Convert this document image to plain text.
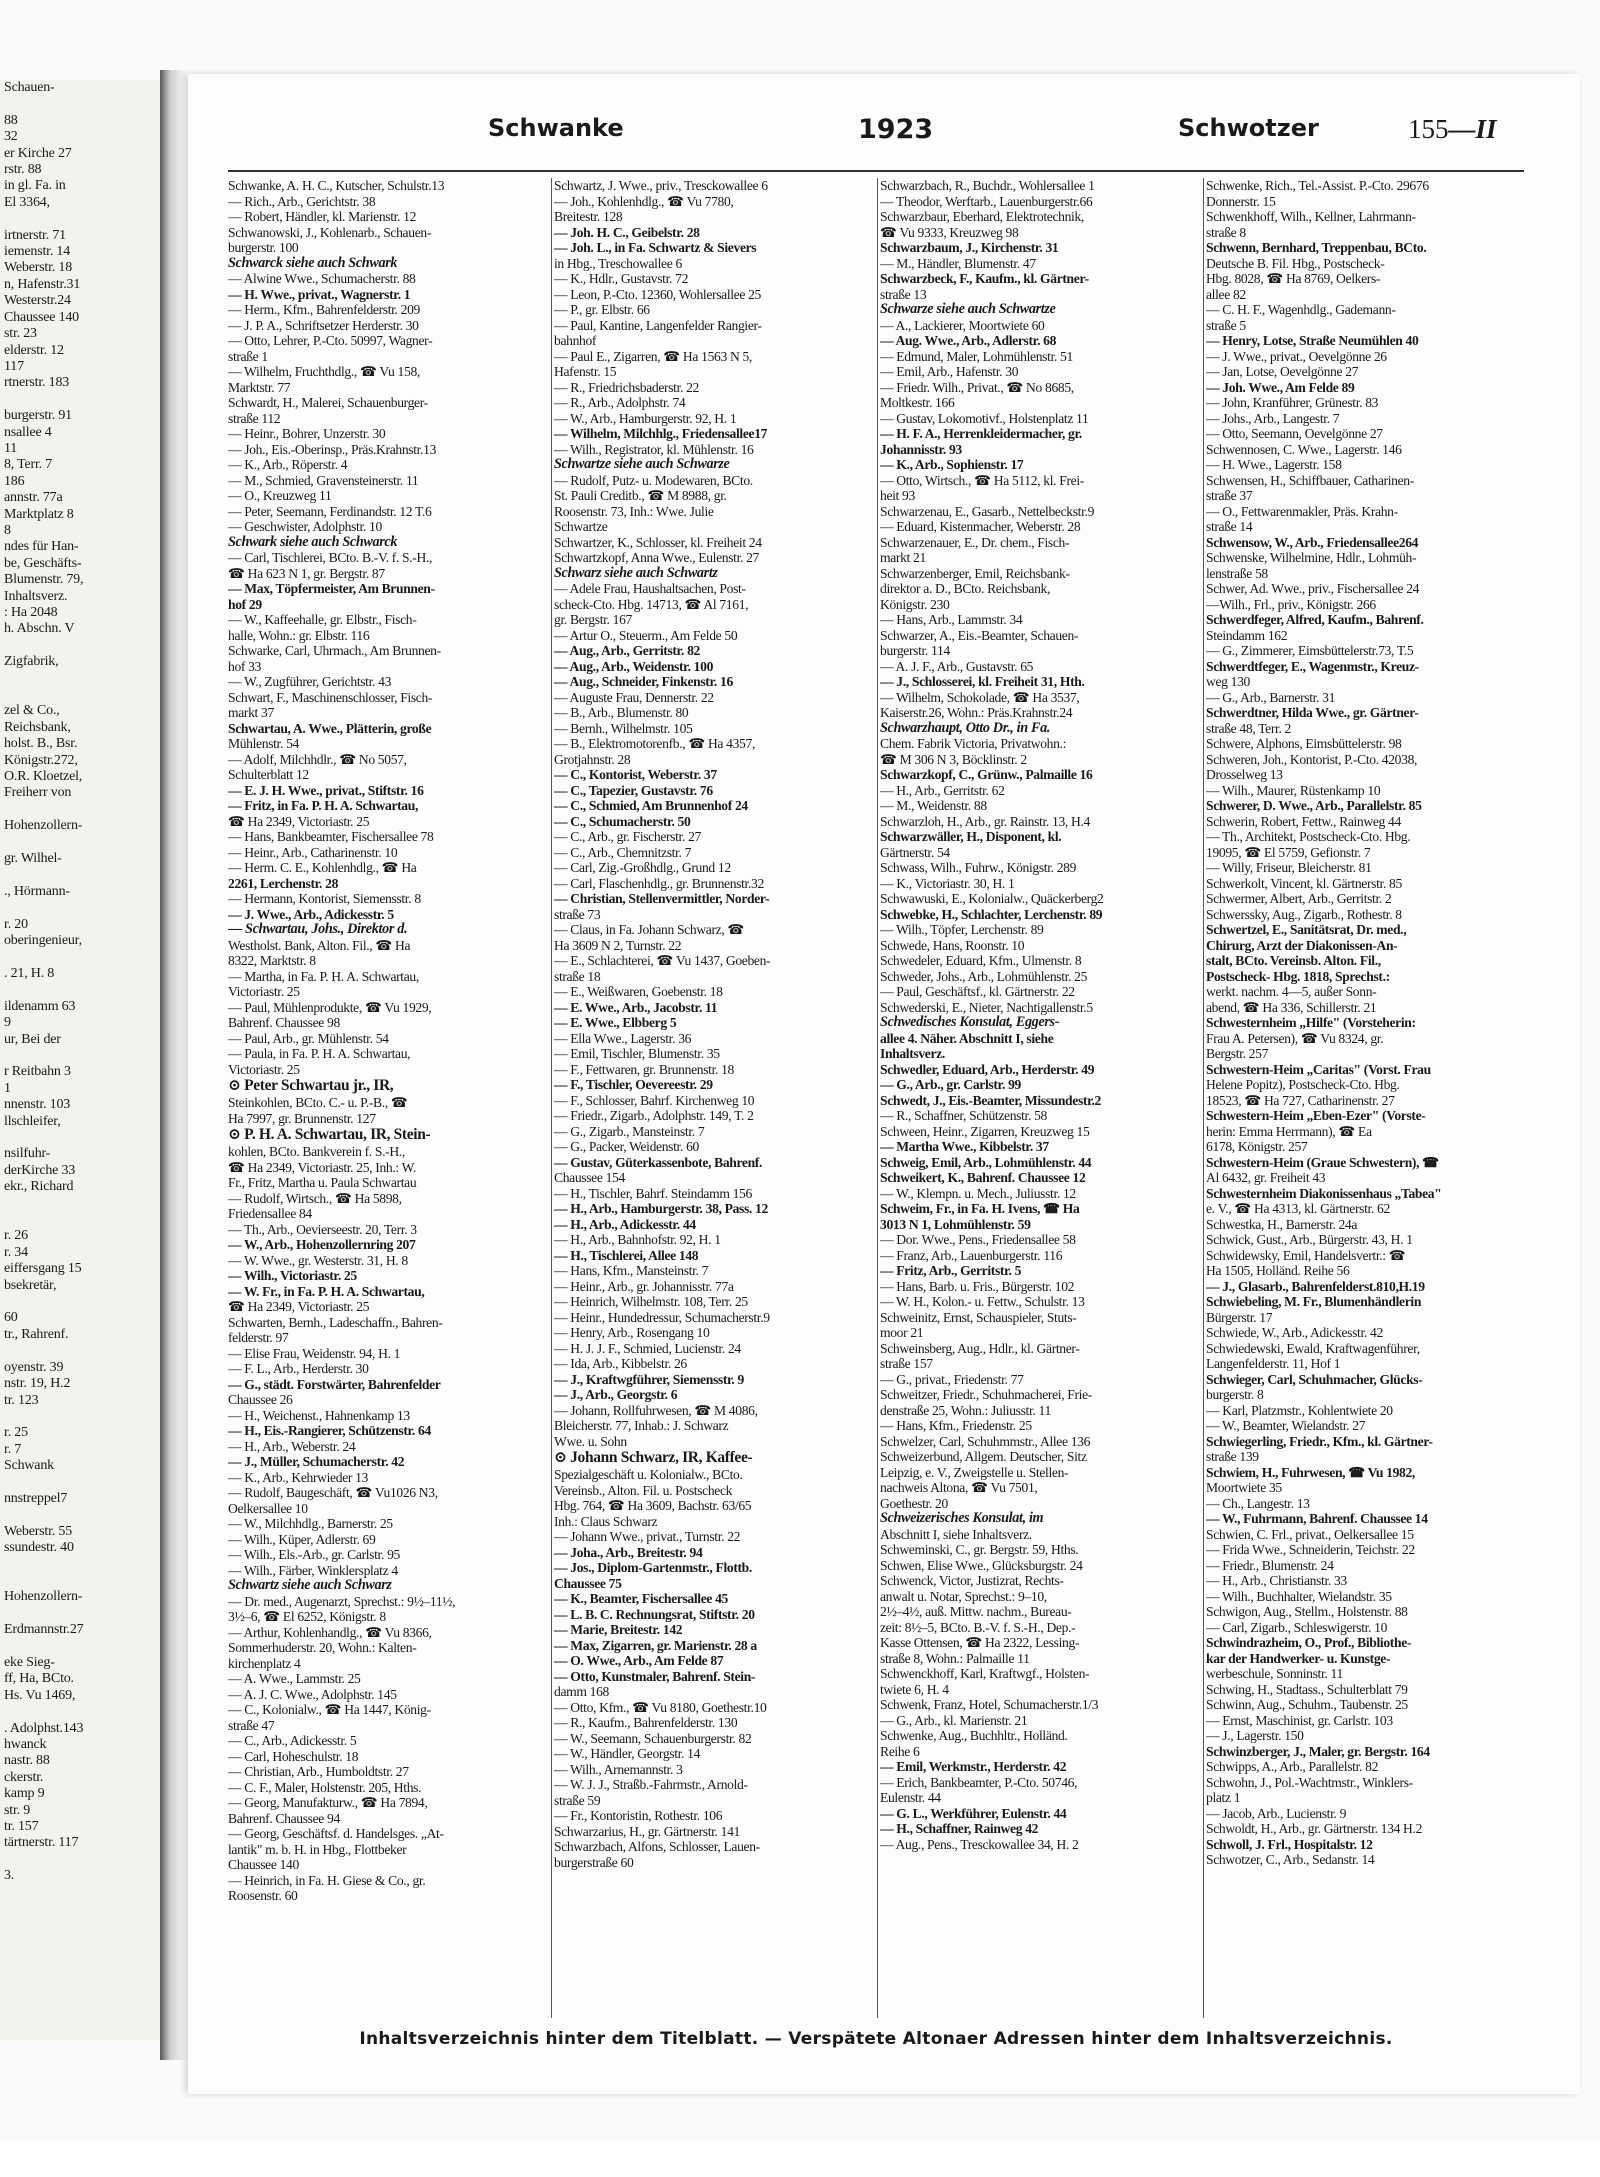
Schauen-

88
32
er Kirche 27
rstr. 88
in gl. Fa. in
El 3364,

irtnerstr. 71
iemenstr. 14
Weberstr. 18
n, Hafenstr.31
Westerstr.24
Chaussee 140
str. 23
elderstr. 12
117
rtnerstr. 183

burgerstr. 91
nsallee 4
11
8, Terr. 7
186
annstr. 77a
Marktplatz 8
8
ndes für Han-
be, Geschäfts-
Blumenstr. 79,
Inhaltsverz.
: Ha 2048
h. Abschn. V

Zigfabrik,

zel & Co.,
Reichsbank,
holst. B., Bsr.
Königstr.272,
O.R. Kloetzel,
Freiherr von

Hohenzollern-

gr. Wilhel-

., Hörmann-

r. 20
oberingenieur,

. 21, H. 8

ildenamm 63
9
ur, Bei der

r Reitbahn 3
1
nnenstr. 103
llschleifer,

nsilfuhr-
derKirche 33
ekr., Richard

r. 26
r. 34
eiffersgang 15
bsekretär,

60
tr., Rahrenf.

oyenstr. 39
nstr. 19, H.2
tr. 123

r. 25
r. 7
Schwank

nnstreppel7

Weberstr. 55
ssundestr. 40

Hohenzollern-

Erdmannstr.27

eke Sieg-
ff, Ha, BCto.
Hs. Vu 1469,

. Adolphst.143
hwanck
nastr. 88
ckerstr.
kamp 9
str. 9
tr. 157
tärtnerstr. 117

3.
Schwanke	1923	Schwotzer	155—II
Schwanke, A. H. C., Kutscher, Schulstr.13
— Rich., Arb., Gerichtstr. 38
— Robert, Händler, kl. Marienstr. 12
Schwanowski, J., Kohlenarb., Schauen-
burgerstr. 100
Schwarck siehe auch Schwark
— Alwine Wwe., Schumacherstr. 88
— H. Wwe., privat., Wagnerstr. 1
— Herm., Kfm., Bahrenfelderstr. 209
— J. P. A., Schriftsetzer Herderstr. 30
— Otto, Lehrer, P.-Cto. 50997, Wagner-
straße 1
— Wilhelm, Fruchthdlg., ☎ Vu 158,
Marktstr. 77
Schwardt, H., Malerei, Schauenburger-
straße 112
— Heinr., Bohrer, Unzerstr. 30
— Joh., Eis.-Oberinsp., Präs.Krahnstr.13
— K., Arb., Röperstr. 4
— M., Schmied, Gravensteinerstr. 11
— O., Kreuzweg 11
— Peter, Seemann, Ferdinandstr. 12 T.6
— Geschwister, Adolphstr. 10
Schwark siehe auch Schwarck
— Carl, Tischlerei, BCto. B.-V. f. S.-H.,
☎ Ha 623 N 1, gr. Bergstr. 87
— Max, Töpfermeister, Am Brunnen-
hof 29
— W., Kaffeehalle, gr. Elbstr., Fisch-
halle, Wohn.: gr. Elbstr. 116
Schwarke, Carl, Uhrmach., Am Brunnen-
hof 33
— W., Zugführer, Gerichtstr. 43
Schwart, F., Maschinenschlosser, Fisch-
markt 37
Schwartau, A. Wwe., Plätterin, große
Mühlenstr. 54
— Adolf, Milchhdlr., ☎ No 5057,
Schulterblatt 12
— E. J. H. Wwe., privat., Stiftstr. 16
— Fritz, in Fa. P. H. A. Schwartau,
☎ Ha 2349, Victoriastr. 25
— Hans, Bankbeamter, Fischersallee 78
— Heinr., Arb., Catharinenstr. 10
— Herm. C. E., Kohlenhdlg., ☎ Ha
2261, Lerchenstr. 28
— Hermann, Kontorist, Siemensstr. 8
— J. Wwe., Arb., Adickesstr. 5
— Schwartau, Johs., Direktor d.
Westholst. Bank, Alton. Fil., ☎ Ha
8322, Marktstr. 8
— Martha, in Fa. P. H. A. Schwartau,
Victoriastr. 25
— Paul, Mühlenprodukte, ☎ Vu 1929,
Bahrenf. Chaussee 98
— Paul, Arb., gr. Mühlenstr. 54
— Paula, in Fa. P. H. A. Schwartau,
Victoriastr. 25
⊙ Peter Schwartau jr., IR,
Steinkohlen, BCto. C.- u. P.-B., ☎
Ha 7997, gr. Brunnenstr. 127
⊙ P. H. A. Schwartau, IR, Stein-
kohlen, BCto. Bankverein f. S.-H.,
☎ Ha 2349, Victoriastr. 25, Inh.: W.
Fr., Fritz, Martha u. Paula Schwartau
— Rudolf, Wirtsch., ☎ Ha 5898,
Friedensallee 84
— Th., Arb., Oevierseestr. 20, Terr. 3
— W., Arb., Hohenzollernring 207
— W. Wwe., gr. Westerstr. 31, H. 8
— Wilh., Victoriastr. 25
— W. Fr., in Fa. P. H. A. Schwartau,
☎ Ha 2349, Victoriastr. 25
Schwarten, Bernh., Ladeschaffn., Bahren-
felderstr. 97
— Elise Frau, Weidenstr. 94, H. 1
— F. L., Arb., Herderstr. 30
— G., städt. Forstwärter, Bahrenfelder
Chaussee 26
— H., Weichenst., Hahnenkamp 13
— H., Eis.-Rangierer, Schützenstr. 64
— H., Arb., Weberstr. 24
— J., Müller, Schumacherstr. 42
— K., Arb., Kehrwieder 13
— Rudolf, Baugeschäft, ☎ Vu1026 N3,
Oelkersallee 10
— W., Milchhdlg., Barnerstr. 25
— Wilh., Küper, Adlerstr. 69
— Wilh., Els.-Arb., gr. Carlstr. 95
— Wilh., Färber, Winklersplatz 4
Schwartz siehe auch Schwarz
— Dr. med., Augenarzt, Sprechst.: 9½–11½,
3½–6, ☎ El 6252, Königstr. 8
— Arthur, Kohlenhandlg., ☎ Vu 8366,
Sommerhuderstr. 20, Wohn.: Kalten-
kirchenplatz 4
— A. Wwe., Lammstr. 25
— A. J. C. Wwe., Adolphstr. 145
— C., Kolonialw., ☎ Ha 1447, König-
straße 47
— C., Arb., Adickesstr. 5
— Carl, Hoheschulstr. 18
— Christian, Arb., Humboldtstr. 27
— C. F., Maler, Holstenstr. 205, Hths.
— Georg, Manufakturw., ☎ Ha 7894,
Bahrenf. Chaussee 94
— Georg, Geschäftsf. d. Handelsges. „At-
lantik" m. b. H. in Hbg., Flottbeker
Chaussee 140
— Heinrich, in Fa. H. Giese & Co., gr.
Roosenstr. 60
Schwartz, J. Wwe., priv., Tresckowallee 6
— Joh., Kohlenhdlg., ☎ Vu 7780,
Breitestr. 128
— Joh. H. C., Geibelstr. 28
— Joh. L., in Fa. Schwartz & Sievers
in Hbg., Treschowallee 6
— K., Hdlr., Gustavstr. 72
— Leon, P.-Cto. 12360, Wohlersallee 25
— P., gr. Elbstr. 66
— Paul, Kantine, Langenfelder Rangier-
bahnhof
— Paul E., Zigarren, ☎ Ha 1563 N 5,
Hafenstr. 15
— R., Friedrichsbaderstr. 22
— R., Arb., Adolphstr. 74
— W., Arb., Hamburgerstr. 92, H. 1
— Wilhelm, Milchhlg., Friedensallee17
— Wilh., Registrator, kl. Mühlenstr. 16
Schwartze siehe auch Schwarze
— Rudolf, Putz- u. Modewaren, BCto.
St. Pauli Creditb., ☎ M 8988, gr.
Roosenstr. 73, Inh.: Wwe. Julie
Schwartze
Schwartzer, K., Schlosser, kl. Freiheit 24
Schwartzkopf, Anna Wwe., Eulenstr. 27
Schwarz siehe auch Schwartz
— Adele Frau, Haushaltsachen, Post-
scheck-Cto. Hbg. 14713, ☎ Al 7161,
gr. Bergstr. 167
— Artur O., Steuerm., Am Felde 50
— Aug., Arb., Gerritstr. 82
— Aug., Arb., Weidenstr. 100
— Aug., Schneider, Finkenstr. 16
— Auguste Frau, Dennerstr. 22
— B., Arb., Blumenstr. 80
— Bernh., Wilhelmstr. 105
— B., Elektromotorenfb., ☎ Ha 4357,
Grotjahnstr. 28
— C., Kontorist, Weberstr. 37
— C., Tapezier, Gustavstr. 76
— C., Schmied, Am Brunnenhof 24
— C., Schumacherstr. 50
— C., Arb., gr. Fischerstr. 27
— C., Arb., Chemnitzstr. 7
— Carl, Zig.-Großhdlg., Grund 12
— Carl, Flaschenhdlg., gr. Brunnenstr.32
— Christian, Stellenvermittler, Norder-
straße 73
— Claus, in Fa. Johann Schwarz, ☎
Ha 3609 N 2, Turnstr. 22
— E., Schlachterei, ☎ Vu 1437, Goeben-
straße 18
— E., Weißwaren, Goebenstr. 18
— E. Wwe., Arb., Jacobstr. 11
— E. Wwe., Elbberg 5
— Ella Wwe., Lagerstr. 36
— Emil, Tischler, Blumenstr. 35
— F., Fettwaren, gr. Brunnenstr. 18
— F., Tischler, Oevereestr. 29
— F., Schlosser, Bahrf. Kirchenweg 10
— Friedr., Zigarb., Adolphstr. 149, T. 2
— G., Zigarb., Mansteinstr. 7
— G., Packer, Weidenstr. 60
— Gustav, Güterkassenbote, Bahrenf.
Chaussee 154
— H., Tischler, Bahrf. Steindamm 156
— H., Arb., Hamburgerstr. 38, Pass. 12
— H., Arb., Adickesstr. 44
— H., Arb., Bahnhofstr. 92, H. 1
— H., Tischlerei, Allee 148
— Hans, Kfm., Mansteinstr. 7
— Heinr., Arb., gr. Johannisstr. 77a
— Heinrich, Wilhelmstr. 108, Terr. 25
— Heinr., Hundedressur, Schumacherstr.9
— Henry, Arb., Rosengang 10
— H. J. J. F., Schmied, Lucienstr. 24
— Ida, Arb., Kibbelstr. 26
— J., Kraftwgführer, Siemensstr. 9
— J., Arb., Georgstr. 6
— Johann, Rollfuhrwesen, ☎ M 4086,
Bleicherstr. 77, Inhab.: J. Schwarz
Wwe. u. Sohn
⊙ Johann Schwarz, IR, Kaffee-
Spezialgeschäft u. Kolonialw., BCto.
Vereinsb., Alton. Fil. u. Postscheck
Hbg. 764, ☎ Ha 3609, Bachstr. 63/65
Inh.: Claus Schwarz
— Johann Wwe., privat., Turnstr. 22
— Joha., Arb., Breitestr. 94
— Jos., Diplom-Gartenmstr., Flottb.
Chaussee 75
— K., Beamter, Fischersallee 45
— L. B. C. Rechnungsrat, Stiftstr. 20
— Marie, Breitestr. 142
— Max, Zigarren, gr. Marienstr. 28 a
— O. Wwe., Arb., Am Felde 87
— Otto, Kunstmaler, Bahrenf. Stein-
damm 168
— Otto, Kfm., ☎ Vu 8180, Goethestr.10
— R., Kaufm., Bahrenfelderstr. 130
— W., Seemann, Schauenburgerstr. 82
— W., Händler, Georgstr. 14
— Wilh., Arnemannstr. 3
— W. J. J., Straßb.-Fahrmstr., Arnold-
straße 59
— Fr., Kontoristin, Rothestr. 106
Schwarzarius, H., gr. Gärtnerstr. 141
Schwarzbach, Alfons, Schlosser, Lauen-
burgerstraße 60
Schwarzbach, R., Buchdr., Wohlersallee 1
— Theodor, Werftarb., Lauenburgerstr.66
Schwarzbaur, Eberhard, Elektrotechnik,
☎ Vu 9333, Kreuzweg 98
Schwarzbaum, J., Kirchenstr. 31
— M., Händler, Blumenstr. 47
Schwarzbeck, F., Kaufm., kl. Gärtner-
straße 13
Schwarze siehe auch Schwartze
— A., Lackierer, Moortwiete 60
— Aug. Wwe., Arb., Adlerstr. 68
— Edmund, Maler, Lohmühlenstr. 51
— Emil, Arb., Hafenstr. 30
— Friedr. Wilh., Privat., ☎ No 8685,
Moltkestr. 166
— Gustav, Lokomotivf., Holstenplatz 11
— H. F. A., Herrenkleidermacher, gr.
Johannisstr. 93
— K., Arb., Sophienstr. 17
— Otto, Wirtsch., ☎ Ha 5112, kl. Frei-
heit 93
Schwarzenau, E., Gasarb., Nettelbeckstr.9
— Eduard, Kistenmacher, Weberstr. 28
Schwarzenauer, E., Dr. chem., Fisch-
markt 21
Schwarzenberger, Emil, Reichsbank-
direktor a. D., BCto. Reichsbank,
Königstr. 230
— Hans, Arb., Lammstr. 34
Schwarzer, A., Eis.-Beamter, Schauen-
burgerstr. 114
— A. J. F., Arb., Gustavstr. 65
— J., Schlosserei, kl. Freiheit 31, Hth.
— Wilhelm, Schokolade, ☎ Ha 3537,
Kaiserstr.26, Wohn.: Präs.Krahnstr.24
Schwarzhaupt, Otto Dr., in Fa.
Chem. Fabrik Victoria, Privatwohn.:
☎ M 306 N 3, Böcklinstr. 2
Schwarzkopf, C., Grünw., Palmaille 16
— H., Arb., Gerritstr. 62
— M., Weidenstr. 88
Schwarzloh, H., Arb., gr. Rainstr. 13, H.4
Schwarzwäller, H., Disponent, kl.
Gärtnerstr. 54
Schwass, Wilh., Fuhrw., Königstr. 289
— K., Victoriastr. 30, H. 1
Schwawuski, E., Kolonialw., Quäckerberg2
Schwebke, H., Schlachter, Lerchenstr. 89
— Wilh., Töpfer, Lerchenstr. 89
Schwede, Hans, Roonstr. 10
Schwedeler, Eduard, Kfm., Ulmenstr. 8
Schweder, Johs., Arb., Lohmühlenstr. 25
— Paul, Geschäftsf., kl. Gärtnerstr. 22
Schwederski, E., Nieter, Nachtigallenstr.5
Schwedisches Konsulat, Eggers-
allee 4. Näher. Abschnitt I, siehe
Inhaltsverz.
Schwedler, Eduard, Arb., Herderstr. 49
— G., Arb., gr. Carlstr. 99
Schwedt, J., Eis.-Beamter, Missundestr.2
— R., Schaffner, Schützenstr. 58
Schween, Heinr., Zigarren, Kreuzweg 15
— Martha Wwe., Kibbelstr. 37
Schweig, Emil, Arb., Lohmühlenstr. 44
Schweikert, K., Bahrenf. Chaussee 12
— W., Klempn. u. Mech., Juliusstr. 12
Schweim, Fr., in Fa. H. Ivens, ☎ Ha
3013 N 1, Lohmühlenstr. 59
— Dor. Wwe., Pens., Friedensallee 58
— Franz, Arb., Lauenburgerstr. 116
— Fritz, Arb., Gerritstr. 5
— Hans, Barb. u. Fris., Bürgerstr. 102
— W. H., Kolon.- u. Fettw., Schulstr. 13
Schweinitz, Ernst, Schauspieler, Stuts-
moor 21
Schweinsberg, Aug., Hdlr., kl. Gärtner-
straße 157
— G., privat., Friedenstr. 77
Schweitzer, Friedr., Schuhmacherei, Frie-
denstraße 25, Wohn.: Juliusstr. 11
— Hans, Kfm., Friedenstr. 25
Schwelzer, Carl, Schuhmmstr., Allee 136
Schweizerbund, Allgem. Deutscher, Sitz
Leipzig, e. V., Zweigstelle u. Stellen-
nachweis Altona, ☎ Vu 7501,
Goethestr. 20
Schweizerisches Konsulat, im
Abschnitt I, siehe Inhaltsverz.
Schweminski, C., gr. Bergstr. 59, Hths.
Schwen, Elise Wwe., Glücksburgstr. 24
Schwenck, Victor, Justizrat, Rechts-
anwalt u. Notar, Sprechst.: 9–10,
2½–4½, auß. Mittw. nachm., Bureau-
zeit: 8½–5, BCto. B.-V. f. S.-H., Dep.-
Kasse Ottensen, ☎ Ha 2322, Lessing-
straße 8, Wohn.: Palmaille 11
Schwenckhoff, Karl, Kraftwgf., Holsten-
twiete 6, H. 4
Schwenk, Franz, Hotel, Schumacherstr.1/3
— G., Arb., kl. Marienstr. 21
Schwenke, Aug., Buchhltr., Holländ.
Reihe 6
— Emil, Werkmstr., Herderstr. 42
— Erich, Bankbeamter, P.-Cto. 50746,
Eulenstr. 44
— G. L., Werkführer, Eulenstr. 44
— H., Schaffner, Rainweg 42
— Aug., Pens., Tresckowallee 34, H. 2
Schwenke, Rich., Tel.-Assist. P.-Cto. 29676
Donnerstr. 15
Schwenkhoff, Wilh., Kellner, Lahrmann-
straße 8
Schwenn, Bernhard, Treppenbau, BCto.
Deutsche B. Fil. Hbg., Postscheck-
Hbg. 8028, ☎ Ha 8769, Oelkers-
allee 82
— C. H. F., Wagenhdlg., Gademann-
straße 5
— Henry, Lotse, Straße Neumühlen 40
— J. Wwe., privat., Oevelgönne 26
— Jan, Lotse, Oevelgönne 27
— Joh. Wwe., Am Felde 89
— John, Kranführer, Grünestr. 83
— Johs., Arb., Langestr. 7
— Otto, Seemann, Oevelgönne 27
Schwennosen, C. Wwe., Lagerstr. 146
— H. Wwe., Lagerstr. 158
Schwensen, H., Schiffbauer, Catharinen-
straße 37
— O., Fettwarenmakler, Präs. Krahn-
straße 14
Schwensow, W., Arb., Friedensallee264
Schwenske, Wilhelmine, Hdlr., Lohmüh-
lenstraße 58
Schwer, Ad. Wwe., priv., Fischersallee 24
—Wilh., Frl., priv., Königstr. 266
Schwerdfeger, Alfred, Kaufm., Bahrenf.
Steindamm 162
— G., Zimmerer, Eimsbüttelerstr.73, T.5
Schwerdtfeger, E., Wagenmstr., Kreuz-
weg 130
— G., Arb., Barnerstr. 31
Schwerdtner, Hilda Wwe., gr. Gärtner-
straße 48, Terr. 2
Schwere, Alphons, Eimsbüttelerstr. 98
Schweren, Joh., Kontorist, P.-Cto. 42038,
Drosselweg 13
— Wilh., Maurer, Rüstenkamp 10
Schwerer, D. Wwe., Arb., Parallelstr. 85
Schwerin, Robert, Fettw., Rainweg 44
— Th., Architekt, Postscheck-Cto. Hbg.
19095, ☎ El 5759, Gefionstr. 7
— Willy, Friseur, Bleicherstr. 81
Schwerkolt, Vincent, kl. Gärtnerstr. 85
Schwermer, Albert, Arb., Gerritstr. 2
Schwerssky, Aug., Zigarb., Rothestr. 8
Schwertzel, E., Sanitätsrat, Dr. med.,
Chirurg, Arzt der Diakonissen-An-
stalt, BCto. Vereinsb. Alton. Fil.,
Postscheck- Hbg. 1818, Sprechst.:
werkt. nachm. 4—5, außer Sonn-
abend, ☎ Ha 336, Schillerstr. 21
Schwesternheim „Hilfe" (Vorsteherin:
Frau A. Petersen), ☎ Vu 8324, gr.
Bergstr. 257
Schwestern-Heim „Caritas" (Vorst. Frau
Helene Popitz), Postscheck-Cto. Hbg.
18523, ☎ Ha 727, Catharinenstr. 27
Schwestern-Heim „Eben-Ezer" (Vorste-
herin: Emma Herrmann), ☎ Ea
6178, Königstr. 257
Schwestern-Heim (Graue Schwestern), ☎
Al 6432, gr. Freiheit 43
Schwesternheim Diakonissenhaus „Tabea"
e. V., ☎ Ha 4313, kl. Gärtnerstr. 62
Schwestka, H., Barnerstr. 24a
Schwick, Gust., Arb., Bürgerstr. 43, H. 1
Schwidewsky, Emil, Handelsvertr.: ☎
Ha 1505, Holländ. Reihe 56
— J., Glasarb., Bahrenfelderst.810,H.19
Schwiebeling, M. Fr., Blumenhändlerin
Bürgerstr. 17
Schwiede, W., Arb., Adickesstr. 42
Schwiedewski, Ewald, Kraftwagenführer,
Langenfelderstr. 11, Hof 1
Schwieger, Carl, Schuhmacher, Glücks-
burgerstr. 8
— Karl, Platzmstr., Kohlentwiete 20
— W., Beamter, Wielandstr. 27
Schwiegerling, Friedr., Kfm., kl. Gärtner-
straße 139
Schwiem, H., Fuhrwesen, ☎ Vu 1982,
Moortwiete 35
— Ch., Langestr. 13
— W., Fuhrmann, Bahrenf. Chaussee 14
Schwien, C. Frl., privat., Oelkersallee 15
— Frida Wwe., Schneiderin, Teichstr. 22
— Friedr., Blumenstr. 24
— H., Arb., Christianstr. 33
— Wilh., Buchhalter, Wielandstr. 35
Schwigon, Aug., Stellm., Holstenstr. 88
— Carl, Zigarb., Schleswigerstr. 10
Schwindrazheim, O., Prof., Bibliothe-
kar der Handwerker- u. Kunstge-
werbeschule, Sonninstr. 11
Schwing, H., Stadtass., Schulterblatt 79
Schwinn, Aug., Schuhm., Taubenstr. 25
— Ernst, Maschinist, gr. Carlstr. 103
— J., Lagerstr. 150
Schwinzberger, J., Maler, gr. Bergstr. 164
Schwipps, A., Arb., Parallelstr. 82
Schwohn, J., Pol.-Wachtmstr., Winklers-
platz 1
— Jacob, Arb., Lucienstr. 9
Schwoldt, H., Arb., gr. Gärtnerstr. 134 H.2
Schwoll, J. Frl., Hospitalstr. 12
Schwotzer, C., Arb., Sedanstr. 14
Inhaltsverzeichnis hinter dem Titelblatt. — Verspätete Altonaer Adressen hinter dem Inhaltsverzeichnis.
